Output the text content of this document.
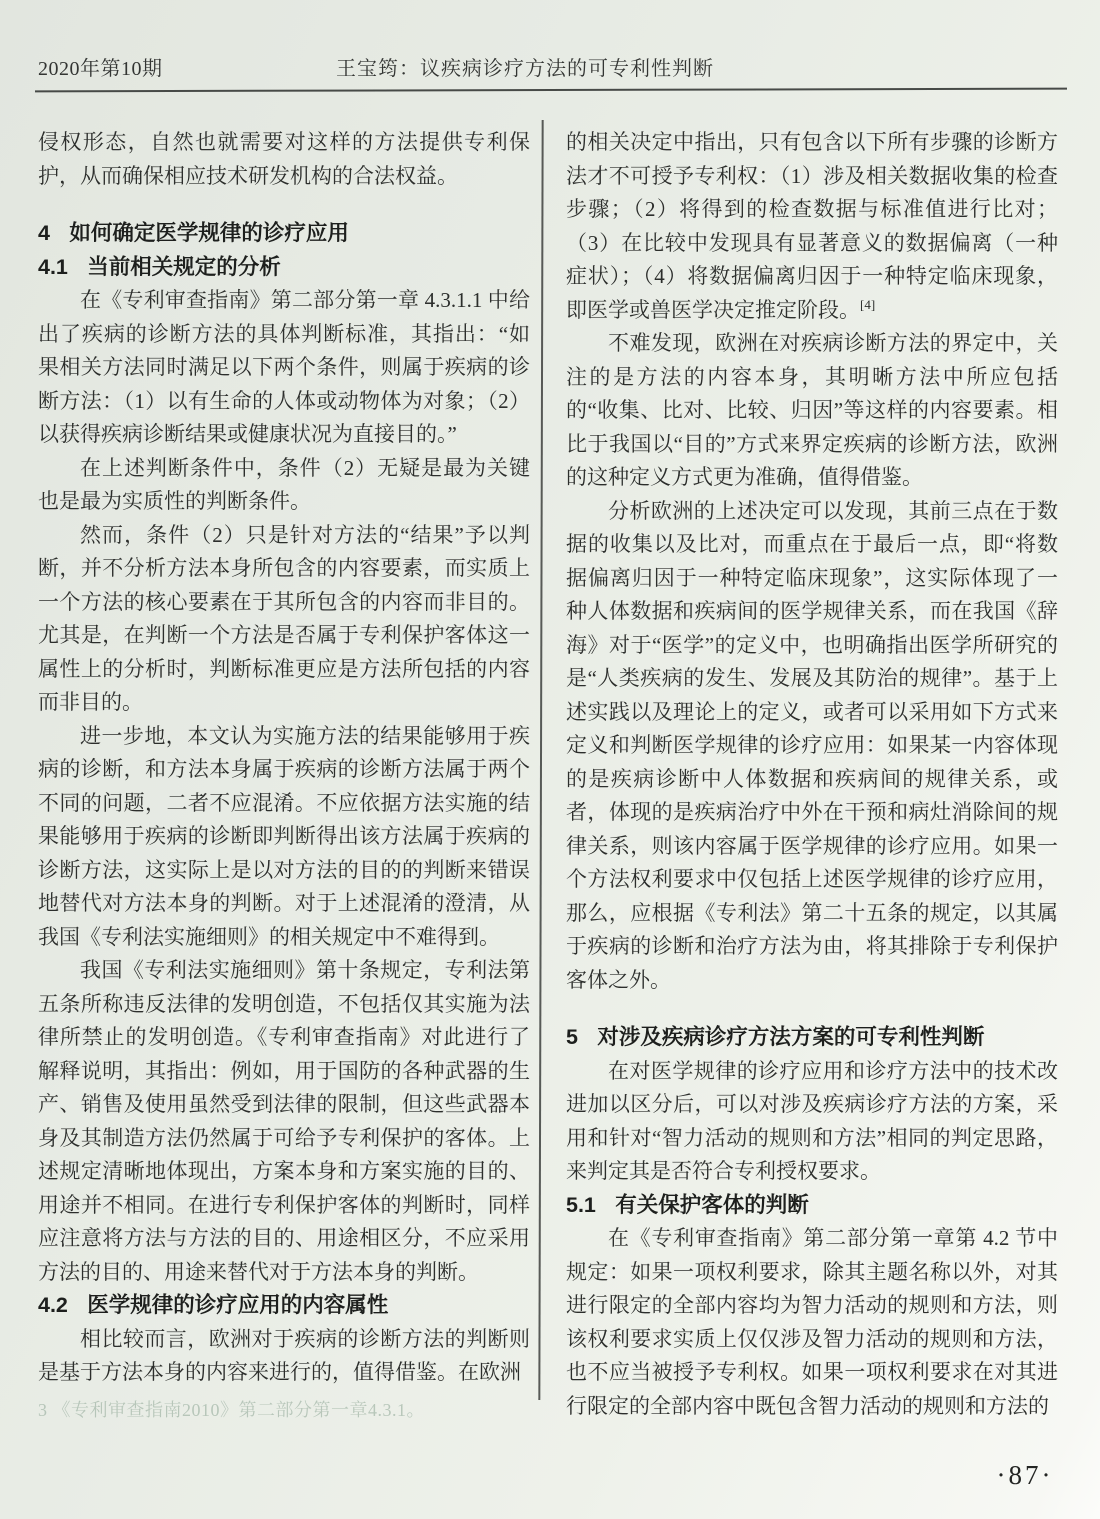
2020年第10期	王宝筠：议疾病诊疗方法的可专利性判断

侵权形态，自然也就需要对这样的方法提供专利保护，从而确保相应技术研发机构的合法权益。

4 如何确定医学规律的诊疗应用
4.1 当前相关规定的分析

在《专利审查指南》第二部分第一章 4.3.1.1 中给出了疾病的诊断方法的具体判断标准，其指出：“如果相关方法同时满足以下两个条件，则属于疾病的诊断方法：（1）以有生命的人体或动物体为对象；（2）以获得疾病诊断结果或健康状况为直接目的。”

在上述判断条件中，条件（2）无疑是最为关键也是最为实质性的判断条件。

然而，条件（2）只是针对方法的“结果”予以判断，并不分析方法本身所包含的内容要素，而实质上一个方法的核心要素在于其所包含的内容而非目的。尤其是，在判断一个方法是否属于专利保护客体这一属性上的分析时，判断标准更应是方法所包括的内容而非目的。

进一步地，本文认为实施方法的结果能够用于疾病的诊断，和方法本身属于疾病的诊断方法属于两个不同的问题，二者不应混淆。不应依据方法实施的结果能够用于疾病的诊断即判断得出该方法属于疾病的诊断方法，这实际上是以对方法的目的的判断来错误地替代对方法本身的判断。对于上述混淆的澄清，从我国《专利法实施细则》的相关规定中不难得到。

我国《专利法实施细则》第十条规定，专利法第五条所称违反法律的发明创造，不包括仅其实施为法律所禁止的发明创造。《专利审查指南》对此进行了解释说明，其指出：例如，用于国防的各种武器的生产、销售及使用虽然受到法律的限制，但这些武器本身及其制造方法仍然属于可给予专利保护的客体。上述规定清晰地体现出，方案本身和方案实施的目的、用途并不相同。在进行专利保护客体的判断时，同样应注意将方法与方法的目的、用途相区分，不应采用方法的目的、用途来替代对于方法本身的判断。

4.2 医学规律的诊疗应用的内容属性

相比较而言，欧洲对于疾病的诊断方法的判断则是基于方法本身的内容来进行的，值得借鉴。在欧洲

3 《专利审查指南2010》第二部分第一章4.3.1。

的相关决定中指出，只有包含以下所有步骤的诊断方法才不可授予专利权：（1）涉及相关数据收集的检查步骤；（2）将得到的检查数据与标准值进行比对；（3）在比较中发现具有显著意义的数据偏离（一种症状）；（4）将数据偏离归因于一种特定临床现象，即医学或兽医学决定推定阶段。[4]

不难发现，欧洲在对疾病诊断方法的界定中，关注的是方法的内容本身，其明晰方法中所应包括的“收集、比对、比较、归因”等这样的内容要素。相比于我国以“目的”方式来界定疾病的诊断方法，欧洲的这种定义方式更为准确，值得借鉴。

分析欧洲的上述决定可以发现，其前三点在于数据的收集以及比对，而重点在于最后一点，即“将数据偏离归因于一种特定临床现象”，这实际体现了一种人体数据和疾病间的医学规律关系，而在我国《辞海》对于“医学”的定义中，也明确指出医学所研究的是“人类疾病的发生、发展及其防治的规律”。基于上述实践以及理论上的定义，或者可以采用如下方式来定义和判断医学规律的诊疗应用：如果某一内容体现的是疾病诊断中人体数据和疾病间的规律关系，或者，体现的是疾病治疗中外在干预和病灶消除间的规律关系，则该内容属于医学规律的诊疗应用。如果一个方法权利要求中仅包括上述医学规律的诊疗应用，那么，应根据《专利法》第二十五条的规定，以其属于疾病的诊断和治疗方法为由，将其排除于专利保护客体之外。

5 对涉及疾病诊疗方法方案的可专利性判断

在对医学规律的诊疗应用和诊疗方法中的技术改进加以区分后，可以对涉及疾病诊疗方法的方案，采用和针对“智力活动的规则和方法”相同的判定思路，来判定其是否符合专利授权要求。

5.1 有关保护客体的判断

在《专利审查指南》第二部分第一章第 4.2 节中规定：如果一项权利要求，除其主题名称以外，对其进行限定的全部内容均为智力活动的规则和方法，则该权利要求实质上仅仅涉及智力活动的规则和方法，也不应当被授予专利权。如果一项权利要求在对其进行限定的全部内容中既包含智力活动的规则和方法的

·87·
